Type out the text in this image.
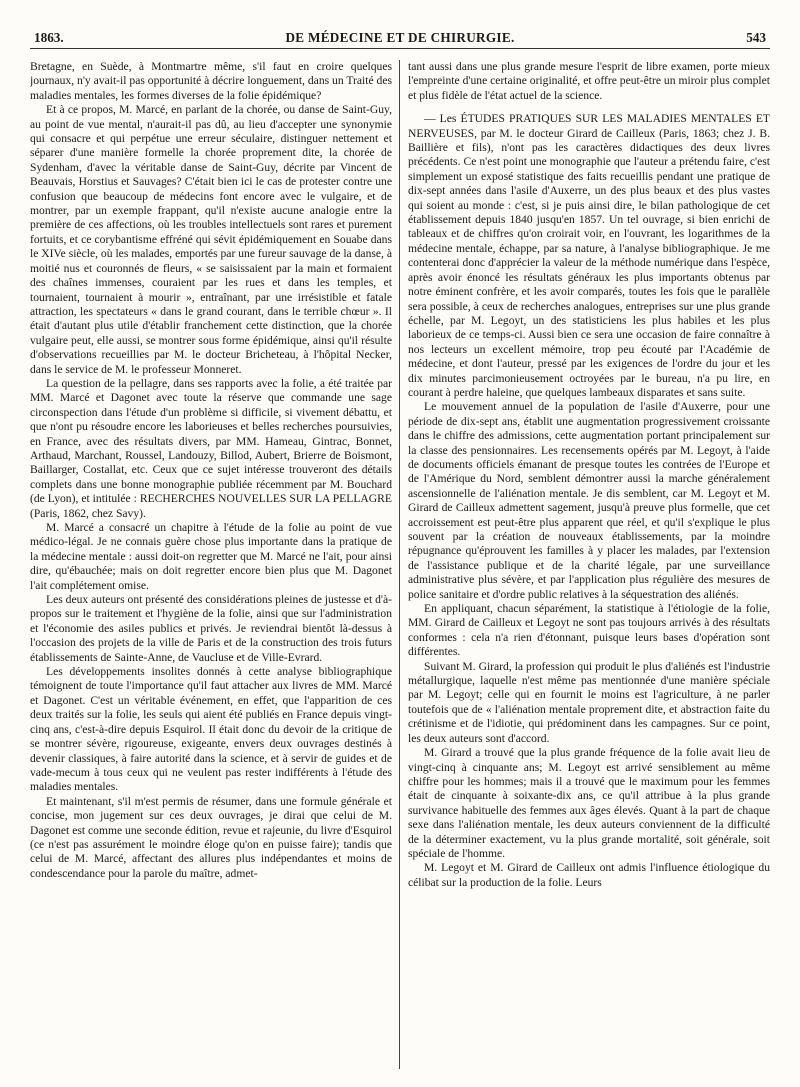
1863.	DE MÉDECINE ET DE CHIRURGIE.	543

Bretagne, en Suède, à Montmartre même, s'il faut en croire quelques journaux, n'y avait-il pas opportunité à décrire longuement, dans un Traité des maladies mentales, les formes diverses de la folie épidémique?

Et à ce propos, M. Marcé, en parlant de la chorée, ou danse de Saint-Guy, au point de vue mental, n'aurait-il pas dû, au lieu d'accepter une synonymie qui consacre et qui perpétue une erreur séculaire, distinguer nettement et séparer d'une manière formelle la chorée proprement dite, la chorée de Sydenham, d'avec la véritable danse de Saint-Guy, décrite par Vincent de Beauvais, Horstius et Sauvages? C'était bien ici le cas de protester contre une confusion que beaucoup de médecins font encore avec le vulgaire, et de montrer, par un exemple frappant, qu'il n'existe aucune analogie entre la première de ces affections, où les troubles intellectuels sont rares et purement fortuits, et ce corybantisme effréné qui sévit épidémiquement en Souabe dans le XIVe siècle, où les malades, emportés par une fureur sauvage de la danse, à moitié nus et couronnés de fleurs, « se saisissaient par la main et formaient des chaînes immenses, couraient par les rues et dans les temples, et tournaient, tournaient à mourir », entraînant, par une irrésistible et fatale attraction, les spectateurs « dans le grand courant, dans le terrible chœur ». Il était d'autant plus utile d'établir franchement cette distinction, que la chorée vulgaire peut, elle aussi, se montrer sous forme épidémique, ainsi qu'il résulte d'observations recueillies par M. le docteur Bricheteau, à l'hôpital Necker, dans le service de M. le professeur Monneret.

La question de la pellagre, dans ses rapports avec la folie, a été traitée par MM. Marcé et Dagonet avec toute la réserve que commande une sage circonspection dans l'étude d'un problème si difficile, si vivement débattu, et que n'ont pu résoudre encore les laborieuses et belles recherches poursuivies, en France, avec des résultats divers, par MM. Hameau, Gintrac, Bonnet, Arthaud, Marchant, Roussel, Landouzy, Billod, Aubert, Brierre de Boismont, Baillarger, Costallat, etc. Ceux que ce sujet intéresse trouveront des détails complets dans une bonne monographie publiée récemment par M. Bouchard (de Lyon), et intitulée : RECHERCHES NOUVELLES SUR LA PELLAGRE (Paris, 1862, chez Savy).

M. Marcé a consacré un chapitre à l'étude de la folie au point de vue médico-légal. Je ne connais guère chose plus importante dans la pratique de la médecine mentale : aussi doit-on regretter que M. Marcé ne l'ait, pour ainsi dire, qu'ébauchée; mais on doit regretter encore bien plus que M. Dagonet l'ait complétement omise.

Les deux auteurs ont présenté des considérations pleines de justesse et d'à-propos sur le traitement et l'hygiène de la folie, ainsi que sur l'administration et l'économie des asiles publics et privés. Je reviendrai bientôt là-dessus à l'occasion des projets de la ville de Paris et de la construction des trois futurs établissements de Sainte-Anne, de Vaucluse et de Ville-Evrard.

Les développements insolites donnés à cette analyse bibliographique témoignent de toute l'importance qu'il faut attacher aux livres de MM. Marcé et Dagonet. C'est un véritable événement, en effet, que l'apparition de ces deux traités sur la folie, les seuls qui aient été publiés en France depuis vingt-cinq ans, c'est-à-dire depuis Esquirol. Il était donc du devoir de la critique de se montrer sévère, rigoureuse, exigeante, envers deux ouvrages destinés à devenir classiques, à faire autorité dans la science, et à servir de guides et de vade-mecum à tous ceux qui ne veulent pas rester indifférents à l'étude des maladies mentales.

Et maintenant, s'il m'est permis de résumer, dans une formule générale et concise, mon jugement sur ces deux ouvrages, je dirai que celui de M. Dagonet est comme une seconde édition, revue et rajeunie, du livre d'Esquirol (ce n'est pas assurément le moindre éloge qu'on en puisse faire); tandis que celui de M. Marcé, affectant des allures plus indépendantes et moins de condescendance pour la parole du maître, admet-

tant aussi dans une plus grande mesure l'esprit de libre examen, porte mieux l'empreinte d'une certaine originalité, et offre peut-être un miroir plus complet et plus fidèle de l'état actuel de la science.

— Les ÉTUDES PRATIQUES SUR LES MALADIES MENTALES ET NERVEUSES, par M. le docteur Girard de Cailleux (Paris, 1863; chez J. B. Baillière et fils), n'ont pas les caractères didactiques des deux livres précédents. Ce n'est point une monographie que l'auteur a prétendu faire, c'est simplement un exposé statistique des faits recueillis pendant une pratique de dix-sept années dans l'asile d'Auxerre, un des plus beaux et des plus vastes qui soient au monde : c'est, si je puis ainsi dire, le bilan pathologique de cet établissement depuis 1840 jusqu'en 1857. Un tel ouvrage, si bien enrichi de tableaux et de chiffres qu'on croirait voir, en l'ouvrant, les logarithmes de la médecine mentale, échappe, par sa nature, à l'analyse bibliographique. Je me contenterai donc d'apprécier la valeur de la méthode numérique dans l'espèce, après avoir énoncé les résultats généraux les plus importants obtenus par notre éminent confrère, et les avoir comparés, toutes les fois que le parallèle sera possible, à ceux de recherches analogues, entreprises sur une plus grande échelle, par M. Legoyt, un des statisticiens les plus habiles et les plus laborieux de ce temps-ci. Aussi bien ce sera une occasion de faire connaître à nos lecteurs un excellent mémoire, trop peu écouté par l'Académie de médecine, et dont l'auteur, pressé par les exigences de l'ordre du jour et les dix minutes parcimonieusement octroyées par le bureau, n'a pu lire, en courant à perdre haleine, que quelques lambeaux disparates et sans suite.

Le mouvement annuel de la population de l'asile d'Auxerre, pour une période de dix-sept ans, établit une augmentation progressivement croissante dans le chiffre des admissions, cette augmentation portant principalement sur la classe des pensionnaires. Les recensements opérés par M. Legoyt, à l'aide de documents officiels émanant de presque toutes les contrées de l'Europe et de l'Amérique du Nord, semblent démontrer aussi la marche généralement ascensionnelle de l'aliénation mentale. Je dis semblent, car M. Legoyt et M. Girard de Cailleux admettent sagement, jusqu'à preuve plus formelle, que cet accroissement est peut-être plus apparent que réel, et qu'il s'explique le plus souvent par la création de nouveaux établissements, par la moindre répugnance qu'éprouvent les familles à y placer les malades, par l'extension de l'assistance publique et de la charité légale, par une surveillance administrative plus sévère, et par l'application plus régulière des mesures de police sanitaire et d'ordre public relatives à la séquestration des aliénés.

En appliquant, chacun séparément, la statistique à l'étiologie de la folie, MM. Girard de Cailleux et Legoyt ne sont pas toujours arrivés à des résultats conformes : cela n'a rien d'étonnant, puisque leurs bases d'opération sont différentes.

Suivant M. Girard, la profession qui produit le plus d'aliénés est l'industrie métallurgique, laquelle n'est même pas mentionnée d'une manière spéciale par M. Legoyt; celle qui en fournit le moins est l'agriculture, à ne parler toutefois que de « l'aliénation mentale proprement dite, et abstraction faite du crétinisme et de l'idiotie, qui prédominent dans les campagnes. Sur ce point, les deux auteurs sont d'accord.

M. Girard a trouvé que la plus grande fréquence de la folie avait lieu de vingt-cinq à cinquante ans; M. Legoyt est arrivé sensiblement au même chiffre pour les hommes; mais il a trouvé que le maximum pour les femmes était de cinquante à soixante-dix ans, ce qu'il attribue à la plus grande survivance habituelle des femmes aux âges élevés. Quant à la part de chaque sexe dans l'aliénation mentale, les deux auteurs conviennent de la difficulté de la déterminer exactement, vu la plus grande mortalité, soit générale, soit spéciale de l'homme.

M. Legoyt et M. Girard de Cailleux ont admis l'influence étiologique du célibat sur la production de la folie. Leurs
